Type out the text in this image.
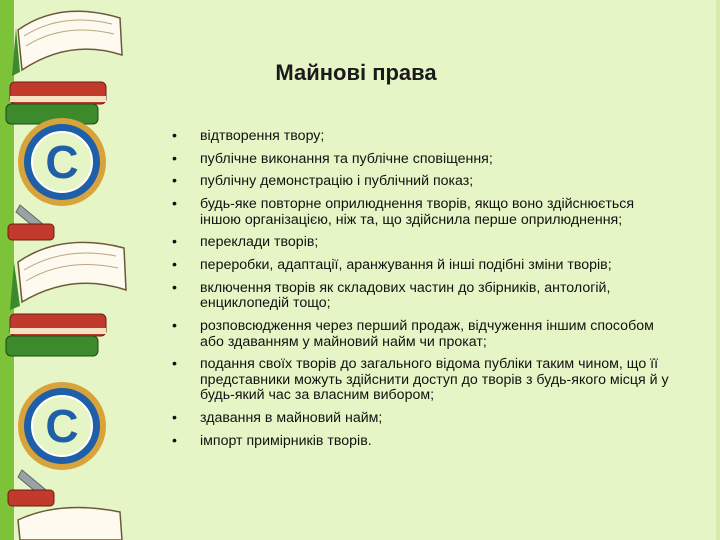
C
C
Майнові права
•	відтворення твору;
•	публічне виконання та публічне сповіщення;
•	публічну демонстрацію і публічний показ;
•	будь-яке повторне оприлюднення творів, якщо воно здійснюється іншою організацією, ніж та, що здійснила перше оприлюднення;
•	переклади творів;
•	переробки, адаптації, аранжування й інші подібні зміни творів;
•	включення творів як складових частин до збірників, антологій, енциклопедій тощо;
•	розповсюдження через перший продаж, відчуження іншим способом або здаванням у майновий найм чи прокат;
•	подання своїх творів до загального відома публіки таким чином, що її представники можуть здійснити доступ до творів з будь-якого місця й у будь-який час за власним вибором;
•	здавання в майновий найм;
•	імпорт примірників творів.
